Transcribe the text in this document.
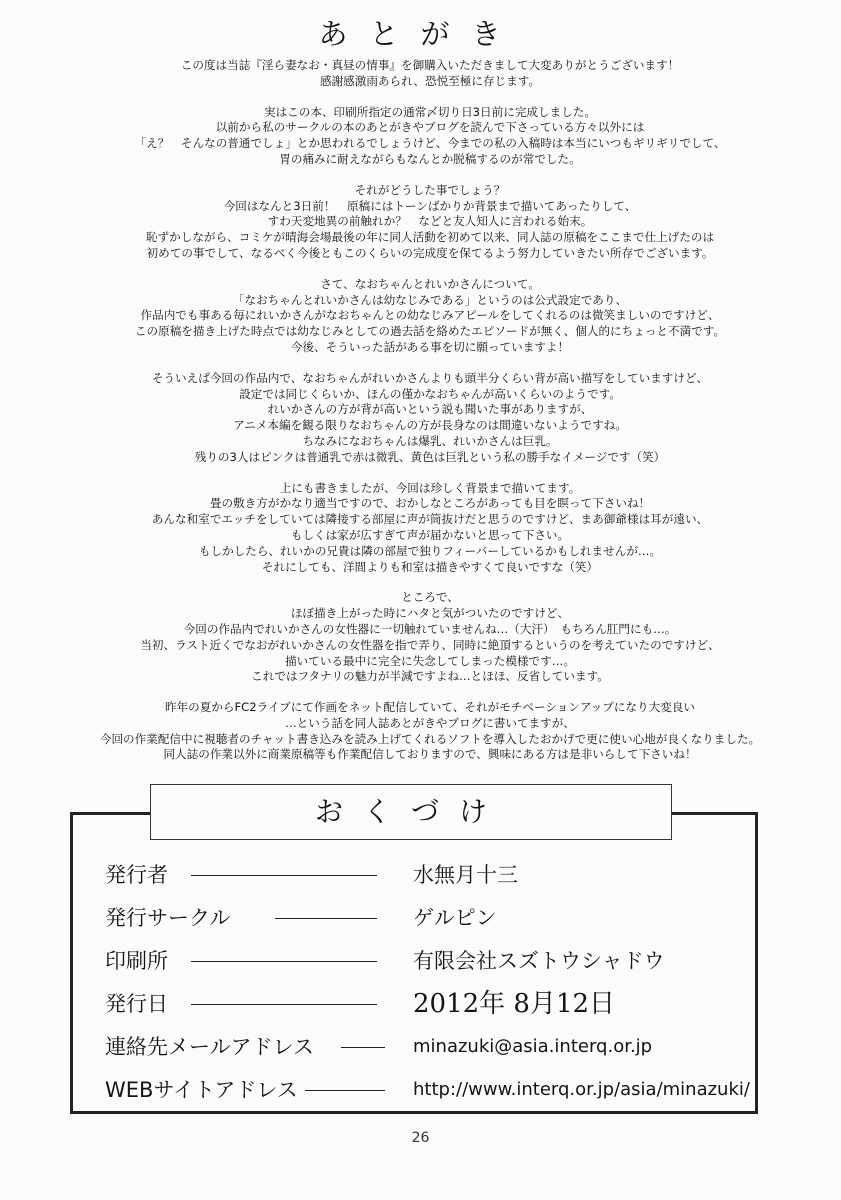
あとがき
この度は当誌『淫ら妻なお・真昼の情事』を御購入いただきまして大変ありがとうございます！
感謝感激雨あられ、恐悦至極に存じます。
実はこの本、印刷所指定の通常〆切り日3日前に完成しました。
以前から私のサークルの本のあとがきやブログを読んで下さっている方々以外には
「え？　そんなの普通でしょ」とか思われるでしょうけど、今までの私の入稿時は本当にいつもギリギリでして、
胃の痛みに耐えながらもなんとか脱稿するのが常でした。
それがどうした事でしょう？
今回はなんと3日前！　原稿にはトーンばかりか背景まで描いてあったりして、
すわ天変地異の前触れか？　などと友人知人に言われる始末。
恥ずかしながら、コミケが晴海会場最後の年に同人活動を初めて以来、同人誌の原稿をここまで仕上げたのは
初めての事でして、なるべく今後ともこのくらいの完成度を保てるよう努力していきたい所存でございます。
さて、なおちゃんとれいかさんについて。
「なおちゃんとれいかさんは幼なじみである」というのは公式設定であり、
作品内でも事ある毎にれいかさんがなおちゃんとの幼なじみアピールをしてくれるのは微笑ましいのですけど、
この原稿を描き上げた時点では幼なじみとしての過去話を絡めたエピソードが無く、個人的にちょっと不満です。
今後、そういった話がある事を切に願っていますよ！
そういえば今回の作品内で、なおちゃんがれいかさんよりも頭半分くらい背が高い描写をしていますけど、
設定では同じくらいか、ほんの僅かなおちゃんが高いくらいのようです。
れいかさんの方が背が高いという説も聞いた事がありますが、
アニメ本編を観る限りなおちゃんの方が長身なのは間違いないようですね。
ちなみになおちゃんは爆乳、れいかさんは巨乳。
残りの3人はピンクは普通乳で赤は微乳、黄色は巨乳という私の勝手なイメージです（笑）
上にも書きましたが、今回は珍しく背景まで描いてます。
畳の敷き方がかなり適当ですので、おかしなところがあっても目を瞑って下さいね！
あんな和室でエッチをしていては隣接する部屋に声が筒抜けだと思うのですけど、まあ御爺様は耳が遠い、
もしくは家が広すぎて声が届かないと思って下さい。
もしかしたら、れいかの兄貴は隣の部屋で独りフィーバーしているかもしれませんが…。
それにしても、洋間よりも和室は描きやすくて良いですな（笑）
ところで、
ほぼ描き上がった時にハタと気がついたのですけど、
今回の作品内でれいかさんの女性器に一切触れていませんね…（大汗）　もちろん肛門にも…。
当初、ラスト近くでなおがれいかさんの女性器を指で弄り、同時に絶頂するというのを考えていたのですけど、
描いている最中に完全に失念してしまった模様です…。
これではフタナリの魅力が半減ですよね…とほほ、反省しています。
昨年の夏からFC2ライブにて作画をネット配信していて、それがモチベーションアップになり大変良い
…という話を同人誌あとがきやブログに書いてますが、
今回の作業配信中に視聴者のチャット書き込みを読み上げてくれるソフトを導入したおかげで更に使い心地が良くなりました。
同人誌の作業以外に商業原稿等も作業配信しておりますので、興味にある方は是非いらして下さいね！
おくづけ
発行者	水無月十三
発行サークル	ゲルピン
印刷所	有限会社スズトウシャドウ
発行日	2012年 8月12日
連絡先メールアドレス	minazuki@asia.interq.or.jp
WEBサイトアドレス	http://www.interq.or.jp/asia/minazuki/
26
